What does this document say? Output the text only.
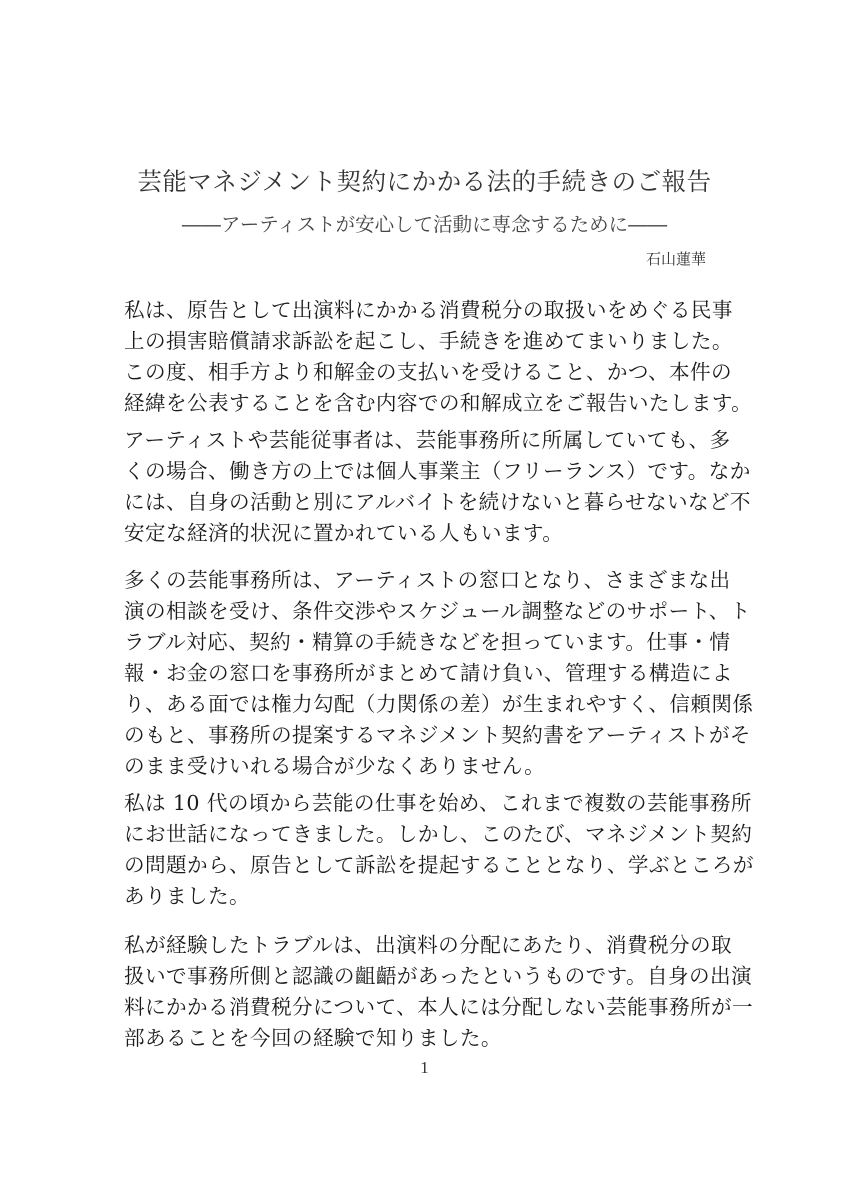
芸能マネジメント契約にかかる法的手続きのご報告
――アーティストが安心して活動に専念するために――
石山蓮華
私は、原告として出演料にかかる消費税分の取扱いをめぐる民事
上の損害賠償請求訴訟を起こし、手続きを進めてまいりました。
この度、相手方より和解金の支払いを受けること、かつ、本件の
経緯を公表することを含む内容での和解成立をご報告いたします。
アーティストや芸能従事者は、芸能事務所に所属していても、多
くの場合、働き方の上では個人事業主（フリーランス）です。なか
には、自身の活動と別にアルバイトを続けないと暮らせないなど不
安定な経済的状況に置かれている人もいます。
多くの芸能事務所は、アーティストの窓口となり、さまざまな出
演の相談を受け、条件交渉やスケジュール調整などのサポート、ト
ラブル対応、契約・精算の手続きなどを担っています。仕事・情
報・お金の窓口を事務所がまとめて請け負い、管理する構造によ
り、ある面では権力勾配（力関係の差）が生まれやすく、信頼関係
のもと、事務所の提案するマネジメント契約書をアーティストがそ
のまま受けいれる場合が少なくありません。
私は 10 代の頃から芸能の仕事を始め、これまで複数の芸能事務所
にお世話になってきました。しかし、このたび、マネジメント契約
の問題から、原告として訴訟を提起することとなり、学ぶところが
ありました。
私が経験したトラブルは、出演料の分配にあたり、消費税分の取
扱いで事務所側と認識の齟齬があったというものです。自身の出演
料にかかる消費税分について、本人には分配しない芸能事務所が一
部あることを今回の経験で知りました。
1
